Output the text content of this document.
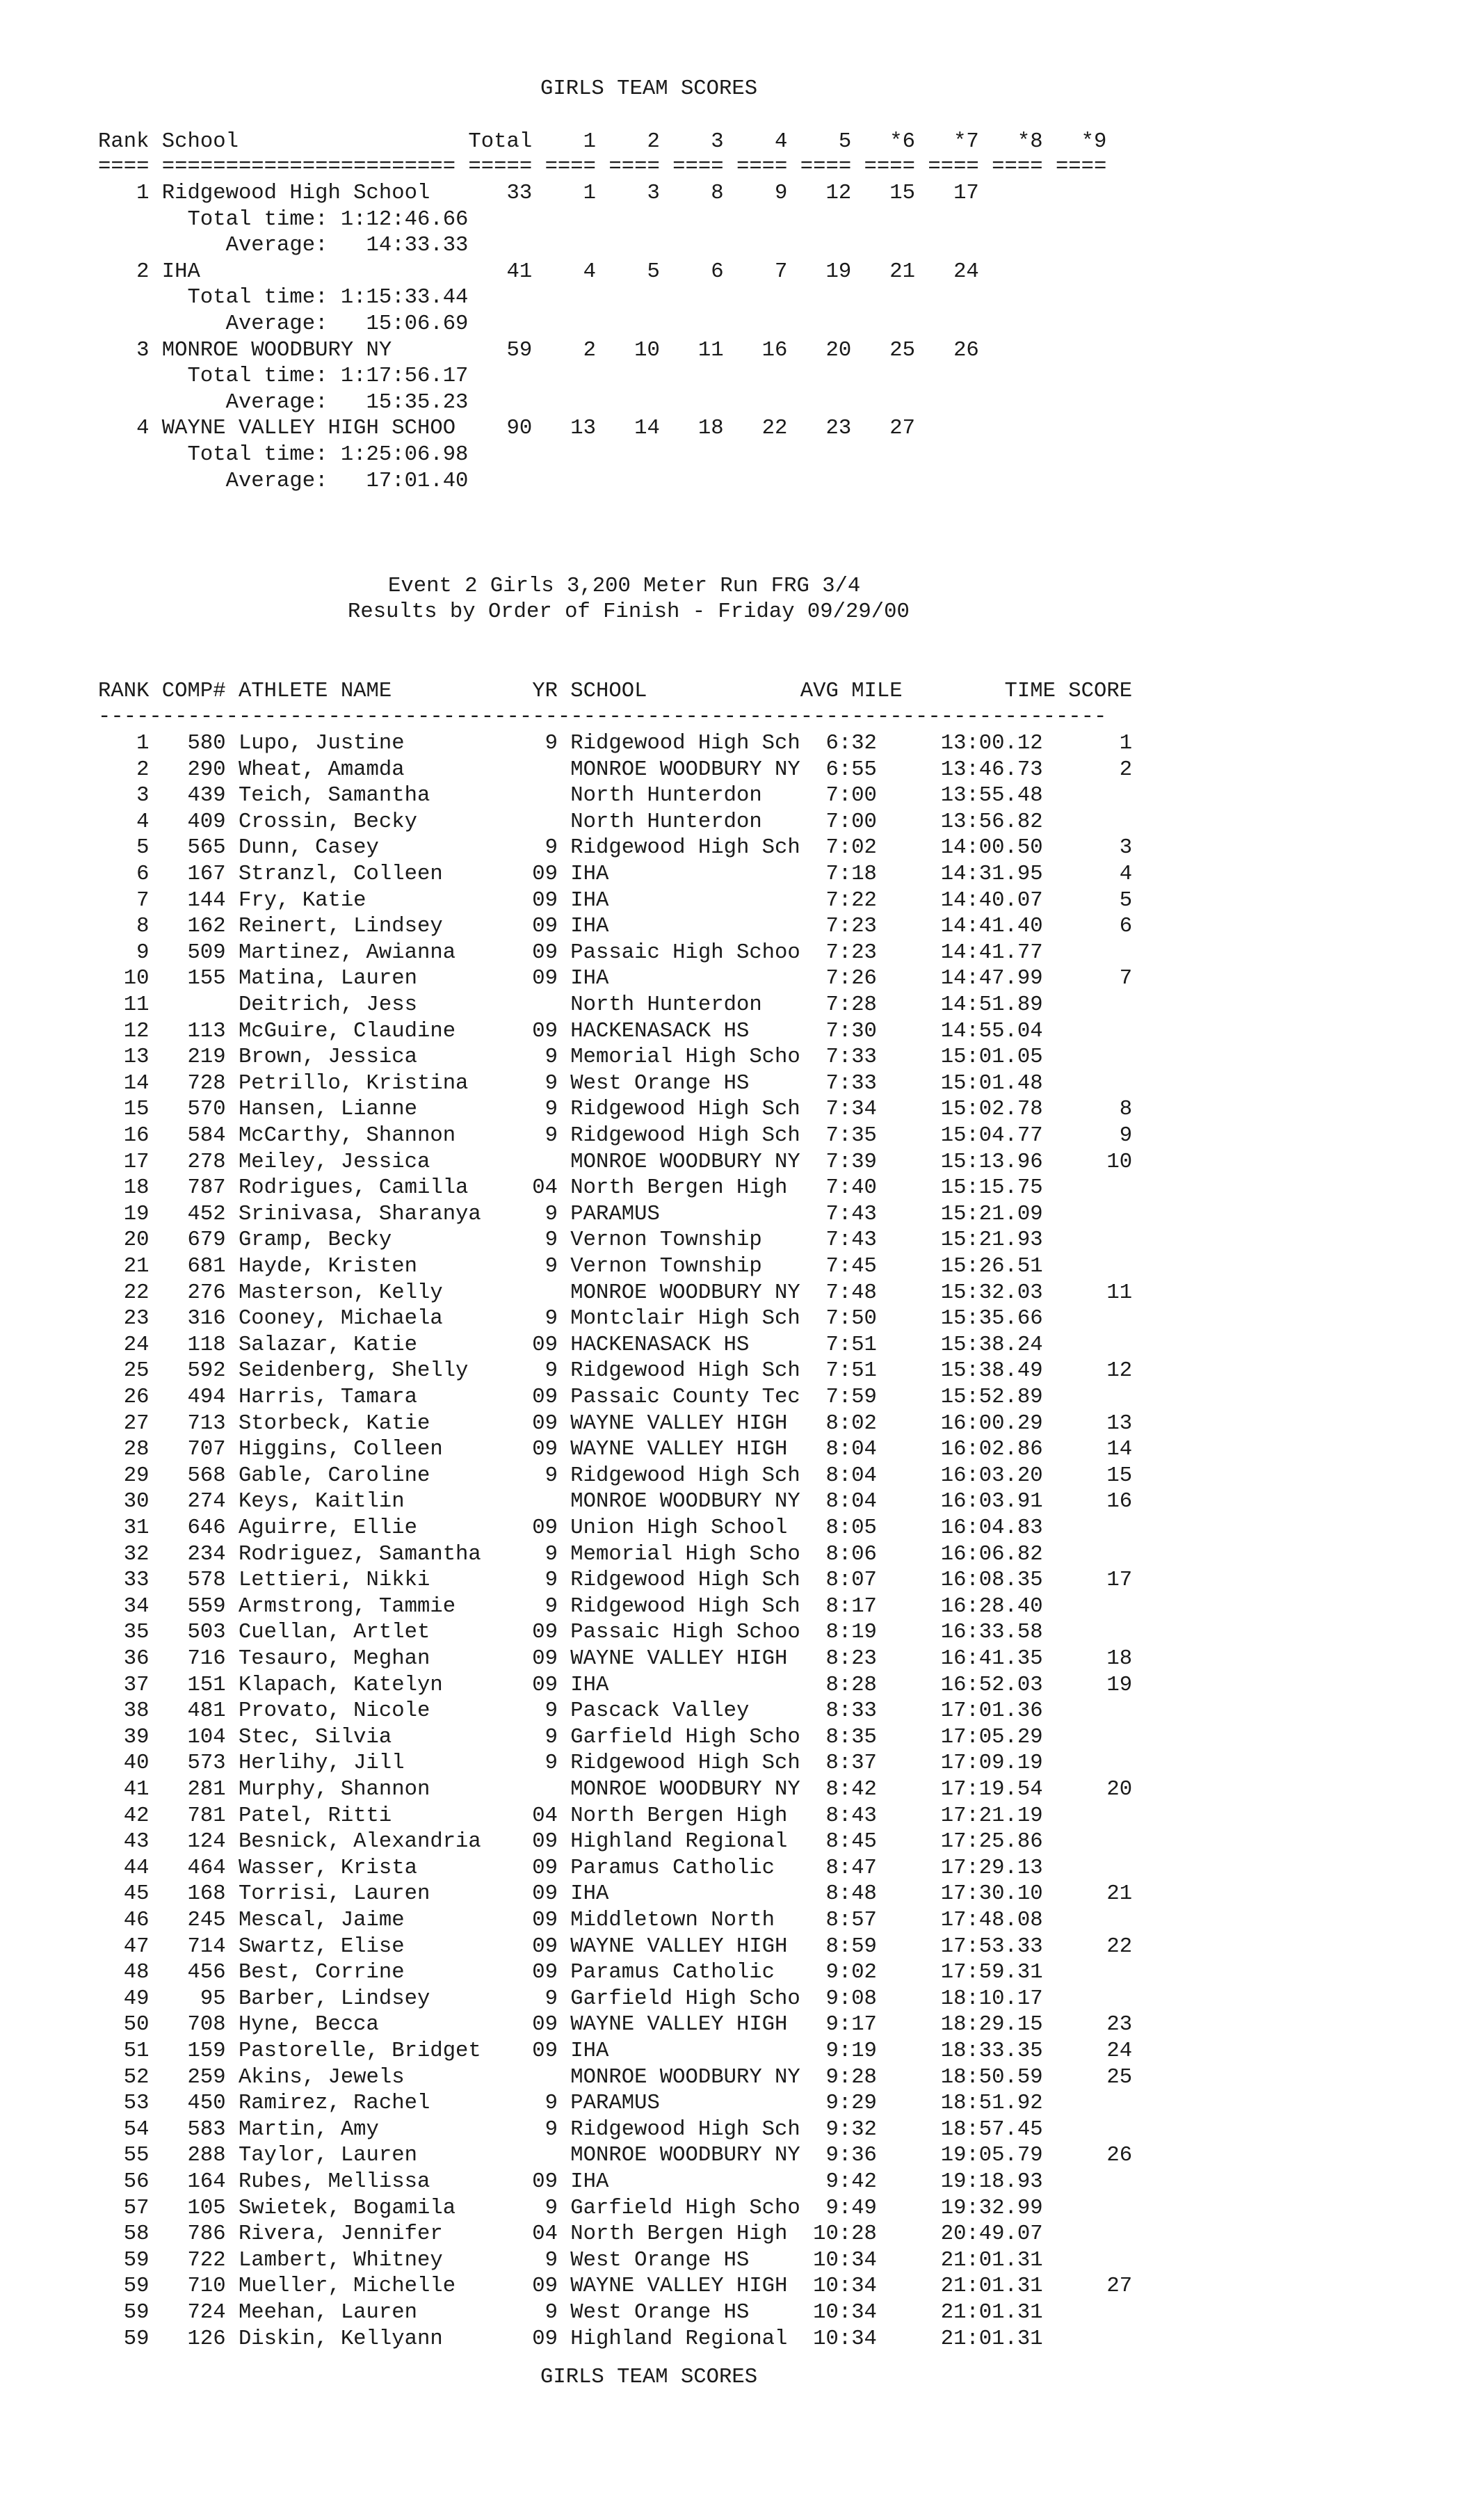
GIRLS TEAM SCORES
Rank School                  Total    1    2    3    4    5   *6   *7   *8   *9
==== ======================= ===== ==== ==== ==== ==== ==== ==== ==== ==== ====
1 Ridgewood High School      33    1    3    8    9   12   15   17
Total time: 1:12:46.66
Average:   14:33.33
2 IHA                        41    4    5    6    7   19   21   24
Total time: 1:15:33.44
Average:   15:06.69
3 MONROE WOODBURY NY         59    2   10   11   16   20   25   26
Total time: 1:17:56.17
Average:   15:35.23
4 WAYNE VALLEY HIGH SCHOO    90   13   14   18   22   23   27
Total time: 1:25:06.98
Average:   17:01.40
Event 2 Girls 3,200 Meter Run FRG 3/4
Results by Order of Finish - Friday 09/29/00
RANK COMP# ATHLETE NAME           YR SCHOOL            AVG MILE        TIME SCORE
-------------------------------------------------------------------------------
1   580 Lupo, Justine           9 Ridgewood High Sch  6:32     13:00.12      1
2   290 Wheat, Amamda             MONROE WOODBURY NY  6:55     13:46.73      2
3   439 Teich, Samantha           North Hunterdon     7:00     13:55.48
4   409 Crossin, Becky            North Hunterdon     7:00     13:56.82
5   565 Dunn, Casey             9 Ridgewood High Sch  7:02     14:00.50      3
6   167 Stranzl, Colleen       09 IHA                 7:18     14:31.95      4
7   144 Fry, Katie             09 IHA                 7:22     14:40.07      5
8   162 Reinert, Lindsey       09 IHA                 7:23     14:41.40      6
9   509 Martinez, Awianna      09 Passaic High Schoo  7:23     14:41.77
10   155 Matina, Lauren         09 IHA                 7:26     14:47.99      7
11       Deitrich, Jess            North Hunterdon     7:28     14:51.89
12   113 McGuire, Claudine      09 HACKENASACK HS      7:30     14:55.04
13   219 Brown, Jessica          9 Memorial High Scho  7:33     15:01.05
14   728 Petrillo, Kristina      9 West Orange HS      7:33     15:01.48
15   570 Hansen, Lianne          9 Ridgewood High Sch  7:34     15:02.78      8
16   584 McCarthy, Shannon       9 Ridgewood High Sch  7:35     15:04.77      9
17   278 Meiley, Jessica           MONROE WOODBURY NY  7:39     15:13.96     10
18   787 Rodrigues, Camilla     04 North Bergen High   7:40     15:15.75
19   452 Srinivasa, Sharanya     9 PARAMUS             7:43     15:21.09
20   679 Gramp, Becky            9 Vernon Township     7:43     15:21.93
21   681 Hayde, Kristen          9 Vernon Township     7:45     15:26.51
22   276 Masterson, Kelly          MONROE WOODBURY NY  7:48     15:32.03     11
23   316 Cooney, Michaela        9 Montclair High Sch  7:50     15:35.66
24   118 Salazar, Katie         09 HACKENASACK HS      7:51     15:38.24
25   592 Seidenberg, Shelly      9 Ridgewood High Sch  7:51     15:38.49     12
26   494 Harris, Tamara         09 Passaic County Tec  7:59     15:52.89
27   713 Storbeck, Katie        09 WAYNE VALLEY HIGH   8:02     16:00.29     13
28   707 Higgins, Colleen       09 WAYNE VALLEY HIGH   8:04     16:02.86     14
29   568 Gable, Caroline         9 Ridgewood High Sch  8:04     16:03.20     15
30   274 Keys, Kaitlin             MONROE WOODBURY NY  8:04     16:03.91     16
31   646 Aguirre, Ellie         09 Union High School   8:05     16:04.83
32   234 Rodriguez, Samantha     9 Memorial High Scho  8:06     16:06.82
33   578 Lettieri, Nikki         9 Ridgewood High Sch  8:07     16:08.35     17
34   559 Armstrong, Tammie       9 Ridgewood High Sch  8:17     16:28.40
35   503 Cuellan, Artlet        09 Passaic High Schoo  8:19     16:33.58
36   716 Tesauro, Meghan        09 WAYNE VALLEY HIGH   8:23     16:41.35     18
37   151 Klapach, Katelyn       09 IHA                 8:28     16:52.03     19
38   481 Provato, Nicole         9 Pascack Valley      8:33     17:01.36
39   104 Stec, Silvia            9 Garfield High Scho  8:35     17:05.29
40   573 Herlihy, Jill           9 Ridgewood High Sch  8:37     17:09.19
41   281 Murphy, Shannon           MONROE WOODBURY NY  8:42     17:19.54     20
42   781 Patel, Ritti           04 North Bergen High   8:43     17:21.19
43   124 Besnick, Alexandria    09 Highland Regional   8:45     17:25.86
44   464 Wasser, Krista         09 Paramus Catholic    8:47     17:29.13
45   168 Torrisi, Lauren        09 IHA                 8:48     17:30.10     21
46   245 Mescal, Jaime          09 Middletown North    8:57     17:48.08
47   714 Swartz, Elise          09 WAYNE VALLEY HIGH   8:59     17:53.33     22
48   456 Best, Corrine          09 Paramus Catholic    9:02     17:59.31
49    95 Barber, Lindsey         9 Garfield High Scho  9:08     18:10.17
50   708 Hyne, Becca            09 WAYNE VALLEY HIGH   9:17     18:29.15     23
51   159 Pastorelle, Bridget    09 IHA                 9:19     18:33.35     24
52   259 Akins, Jewels             MONROE WOODBURY NY  9:28     18:50.59     25
53   450 Ramirez, Rachel         9 PARAMUS             9:29     18:51.92
54   583 Martin, Amy             9 Ridgewood High Sch  9:32     18:57.45
55   288 Taylor, Lauren            MONROE WOODBURY NY  9:36     19:05.79     26
56   164 Rubes, Mellissa        09 IHA                 9:42     19:18.93
57   105 Swietek, Bogamila       9 Garfield High Scho  9:49     19:32.99
58   786 Rivera, Jennifer       04 North Bergen High  10:28     20:49.07
59   722 Lambert, Whitney        9 West Orange HS     10:34     21:01.31
59   710 Mueller, Michelle      09 WAYNE VALLEY HIGH  10:34     21:01.31     27
59   724 Meehan, Lauren          9 West Orange HS     10:34     21:01.31
59   126 Diskin, Kellyann       09 Highland Regional  10:34     21:01.31
GIRLS TEAM SCORES
